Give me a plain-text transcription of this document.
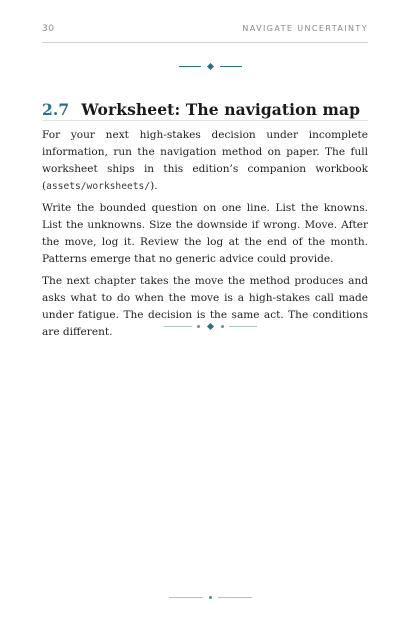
30	NAVIGATE UNCERTAINTY
2.7 Worksheet: The navigation map

For your next high-stakes decision under incomplete information, run the navigation method on paper. The full worksheet ships in this edition’s companion workbook (assets/worksheets/).

Write the bounded question on one line. List the knowns. List the unknowns. Size the downside if wrong. Move. After the move, log it. Review the log at the end of the month. Patterns emerge that no generic advice could provide.

The next chapter takes the move the method produces and asks what to do when the move is a high-stakes call made under fatigue. The decision is the same act. The conditions are different.
